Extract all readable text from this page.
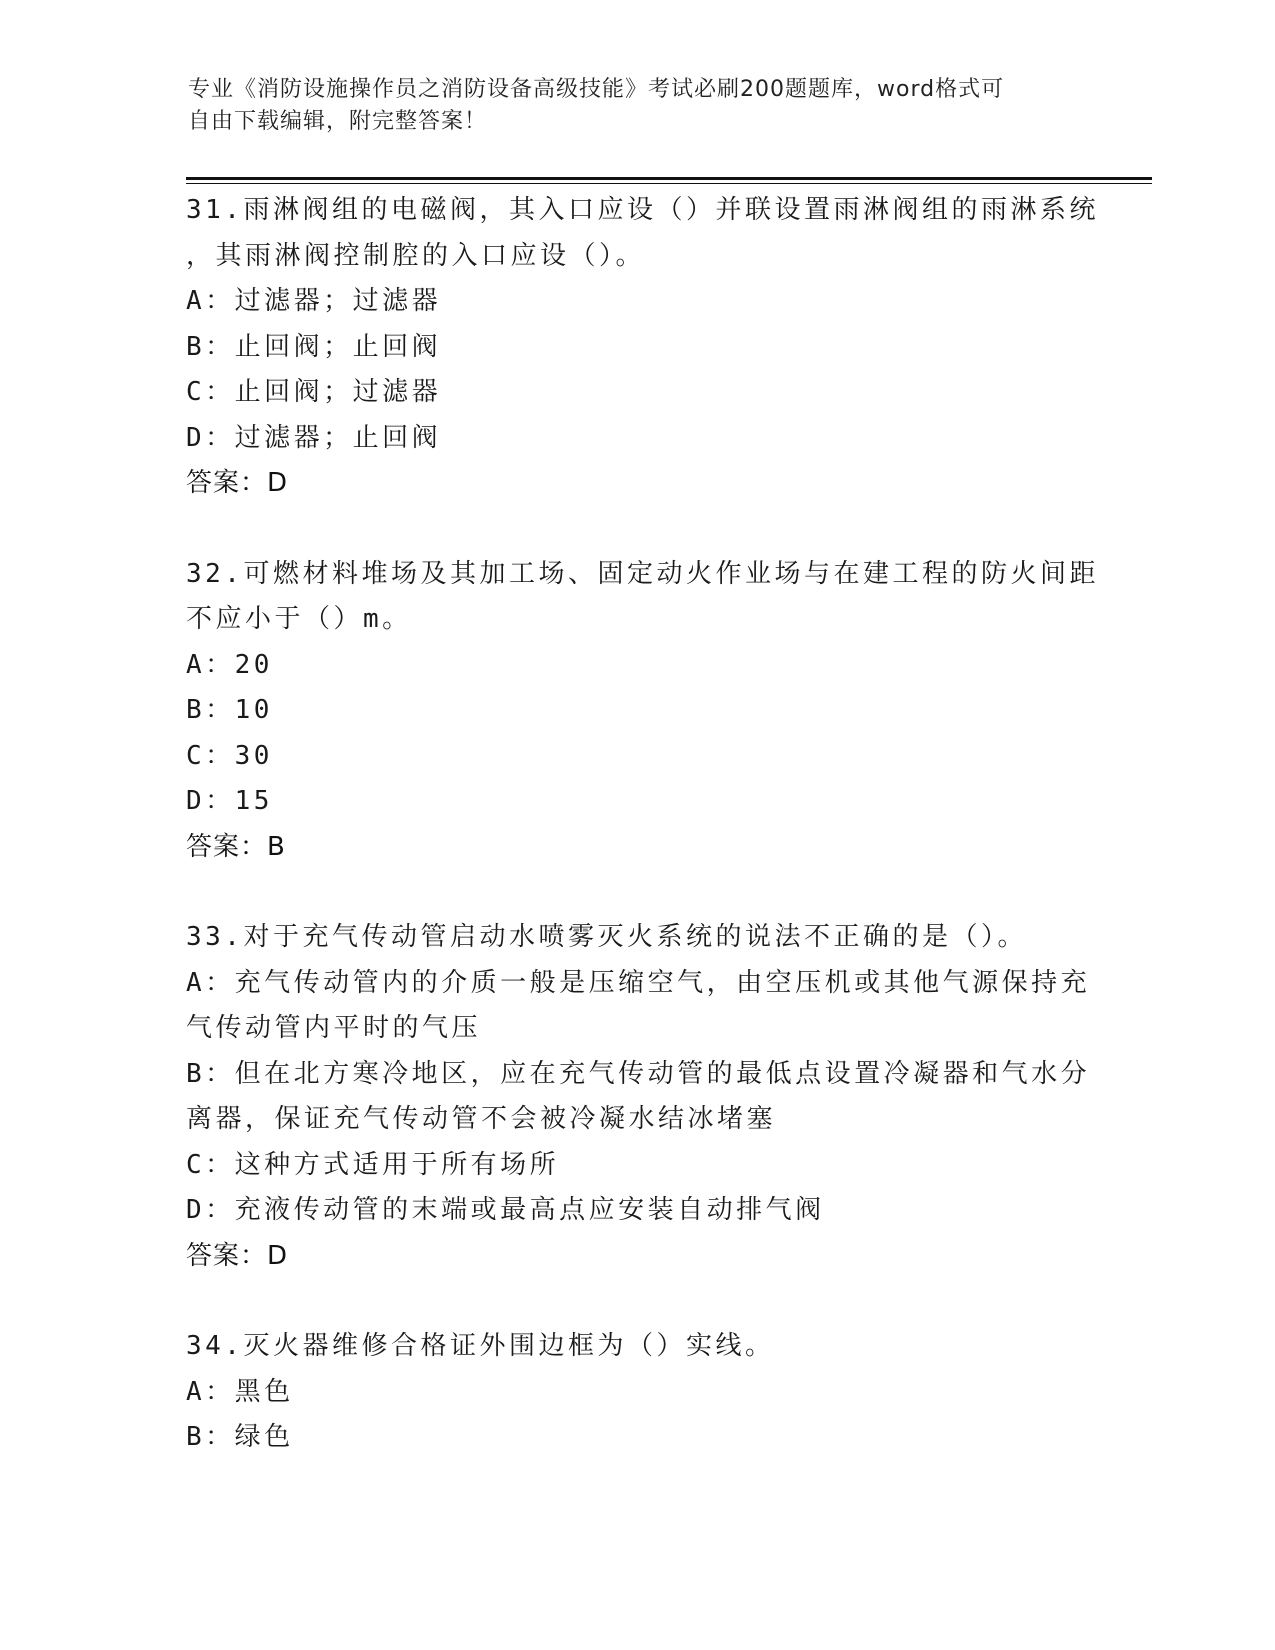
专业《消防设施操作员之消防设备高级技能》考试必刷200题题库，word格式可
自由下载编辑，附完整答案！
31.雨淋阀组的电磁阀，其入口应设（）并联设置雨淋阀组的雨淋系统
，其雨淋阀控制腔的入口应设（）。
A：过滤器；过滤器
B：止回阀；止回阀
C：止回阀；过滤器
D：过滤器；止回阀
答案：D
32.可燃材料堆场及其加工场、固定动火作业场与在建工程的防火间距
不应小于（）m。
A：20
B：10
C：30
D：15
答案：B
33.对于充气传动管启动水喷雾灭火系统的说法不正确的是（）。
A：充气传动管内的介质一般是压缩空气，由空压机或其他气源保持充
气传动管内平时的气压
B：但在北方寒冷地区，应在充气传动管的最低点设置冷凝器和气水分
离器，保证充气传动管不会被冷凝水结冰堵塞
C：这种方式适用于所有场所
D：充液传动管的末端或最高点应安装自动排气阀
答案：D
34.灭火器维修合格证外围边框为（）实线。
A：黑色
B：绿色
